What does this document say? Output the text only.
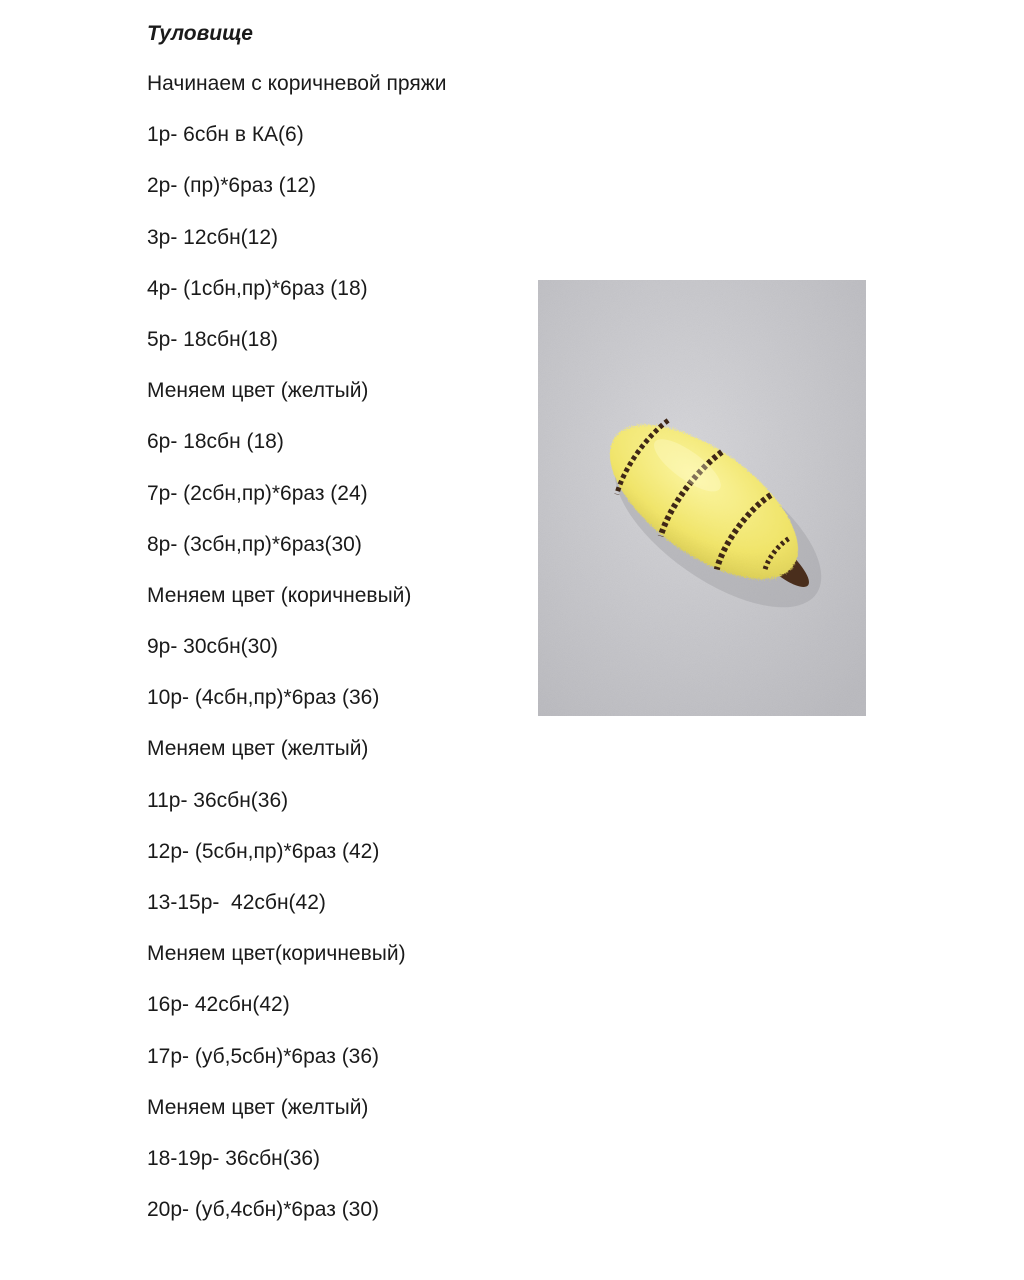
Туловище
Начинаем с коричневой пряжи
1р- 6сбн в КА(6)
2р- (пр)*6раз (12)
3р- 12сбн(12)
4р- (1сбн,пр)*6раз (18)
5р- 18сбн(18)
Меняем цвет (желтый)
6р- 18сбн (18)
7р- (2сбн,пр)*6раз (24)
8р- (3сбн,пр)*6раз(30)
Меняем цвет (коричневый)
9р- 30сбн(30)
10р- (4сбн,пр)*6раз (36)
Меняем цвет (желтый)
11р- 36сбн(36)
12р- (5сбн,пр)*6раз (42)
13-15р-  42сбн(42)
Меняем цвет(коричневый)
16р- 42сбн(42)
17р- (уб,5сбн)*6раз (36)
Меняем цвет (желтый)
18-19р- 36сбн(36)
20р- (уб,4сбн)*6раз (30)
